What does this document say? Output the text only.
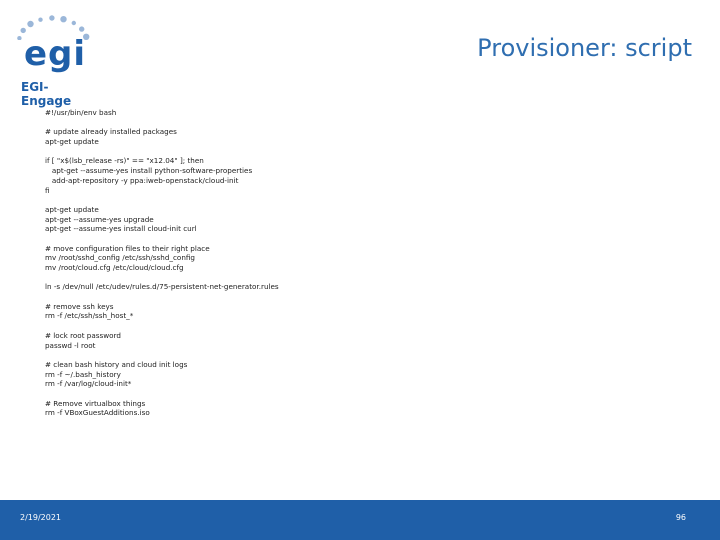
egi
EGI-Engage
Provisioner: script
#!/usr/bin/env bash
# update already installed packages
apt-get update
if [ "x$(lsb_release -rs)" == "x12.04" ]; then
apt-get --assume-yes install python-software-properties
add-apt-repository -y ppa:iweb-openstack/cloud-init
fi
apt-get update
apt-get --assume-yes upgrade
apt-get --assume-yes install cloud-init curl
# move configuration files to their right place
mv /root/sshd_config /etc/ssh/sshd_config
mv /root/cloud.cfg /etc/cloud/cloud.cfg
ln -s /dev/null /etc/udev/rules.d/75-persistent-net-generator.rules
# remove ssh keys
rm -f /etc/ssh/ssh_host_*
# lock root password
passwd -l root
# clean bash history and cloud init logs
rm -f ~/.bash_history
rm -f /var/log/cloud-init*
# Remove virtualbox things
rm -f VBoxGuestAdditions.iso
2/19/2021	96
